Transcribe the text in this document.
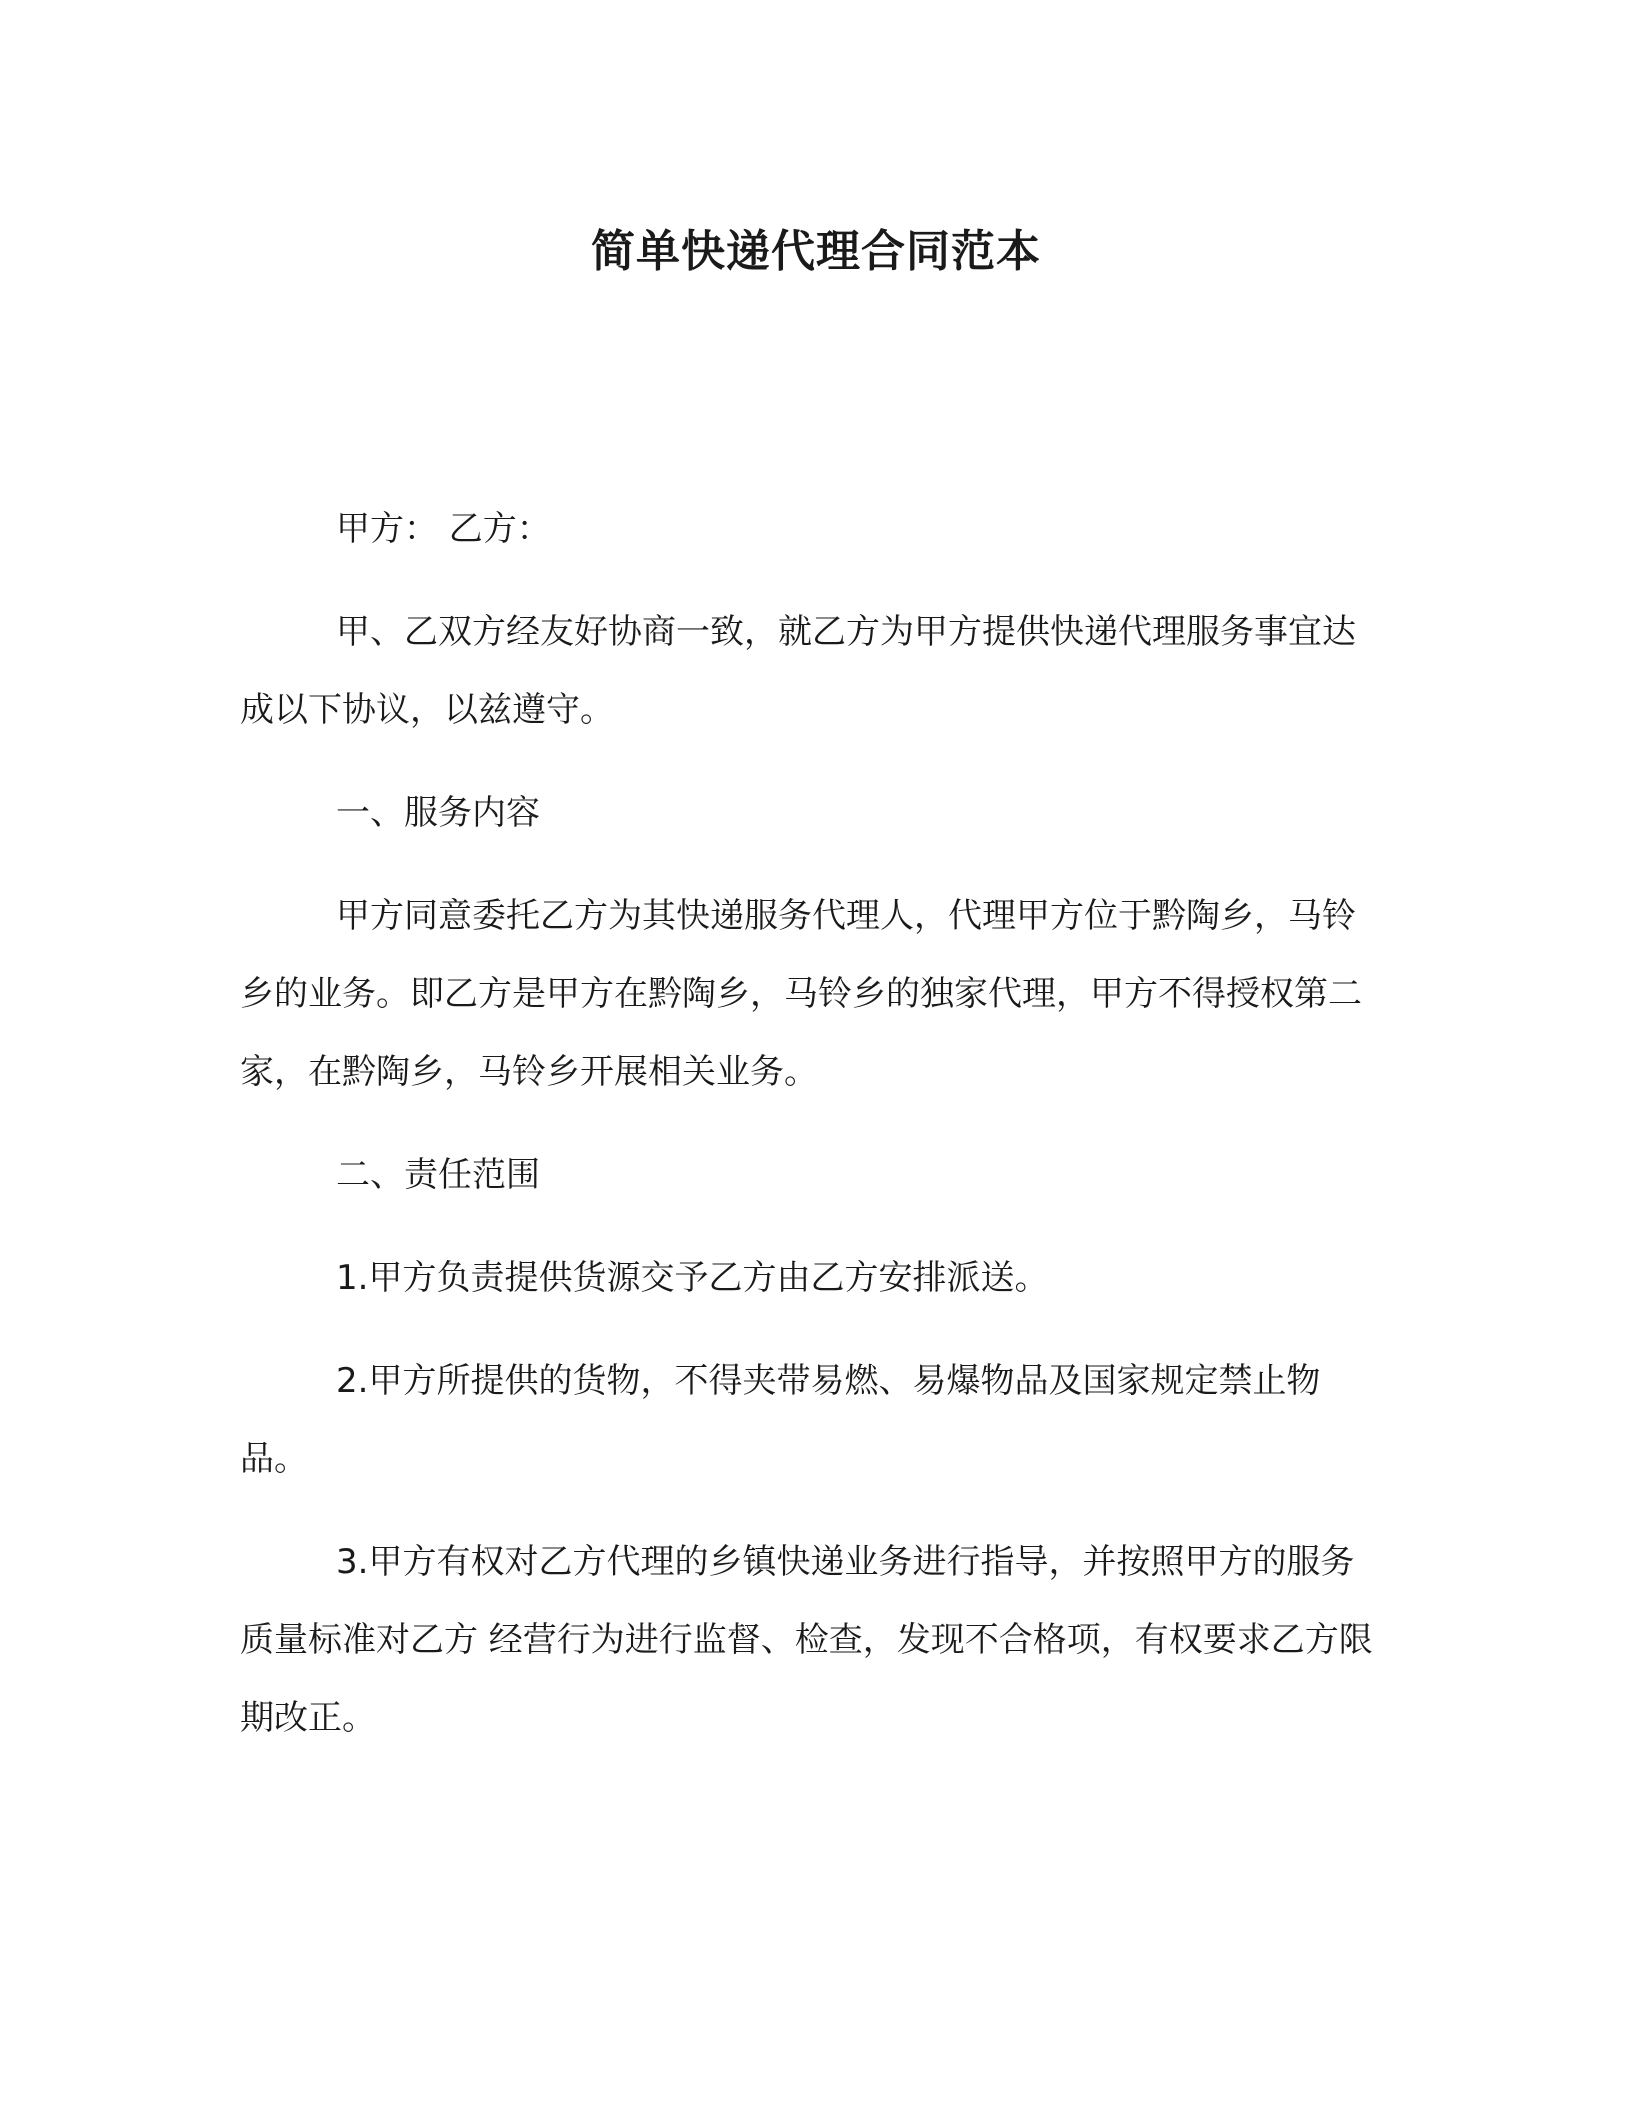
简单快递代理合同范本

甲方： 乙方：

甲、乙双方经友好协商一致，就乙方为甲方提供快递代理服务事宜达成以下协议，以兹遵守。

一、服务内容

甲方同意委托乙方为其快递服务代理人，代理甲方位于黔陶乡，马铃乡的业务。即乙方是甲方在黔陶乡，马铃乡的独家代理，甲方不得授权第二家，在黔陶乡，马铃乡开展相关业务。

二、责任范围

1.甲方负责提供货源交予乙方由乙方安排派送。

2.甲方所提供的货物，不得夹带易燃、易爆物品及国家规定禁止物品。

3.甲方有权对乙方代理的乡镇快递业务进行指导，并按照甲方的服务质量标准对乙方 经营行为进行监督、检查，发现不合格项，有权要求乙方限期改正。
